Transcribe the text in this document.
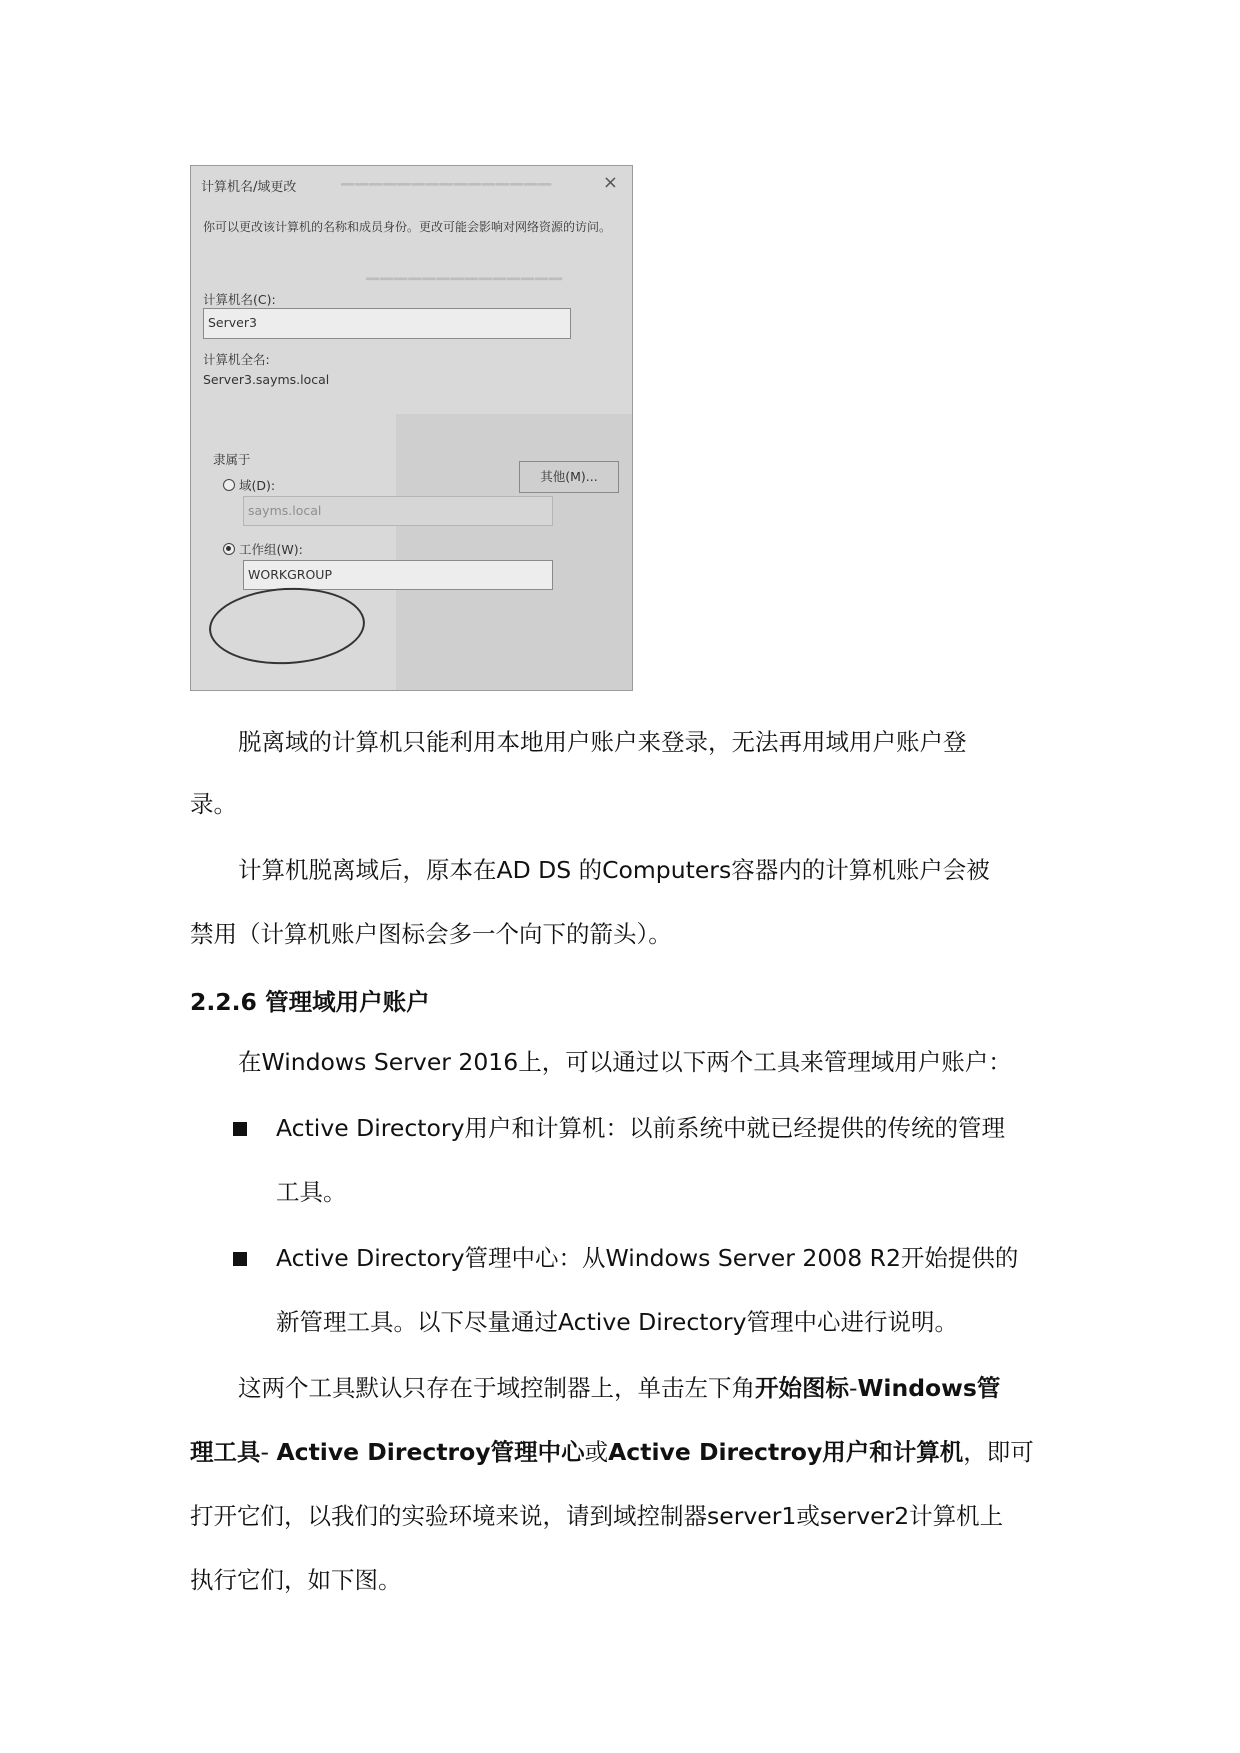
▔▔▔▔▔▔▔▔▔▔▔▔▔▔▔
▁▁▁▁▁▁▁▁▁▁▁▁▁▁
计算机名/域更改	×
你可以更改该计算机的名称和成员身份。更改可能会影响对网络资源的访问。
计算机名(C):
Server3
计算机全名:
Server3.sayms.local
其他(M)...
隶属于
域(D):
sayms.local
工作组(W):
WORKGROUP
脱离域的计算机只能利用本地用户账户来登录，无法再用域用户账户登
录。
计算机脱离域后，原本在AD DS 的Computers容器内的计算机账户会被
禁用（计算机账户图标会多一个向下的箭头）。
2.2.6 管理域用户账户
在Windows Server 2016上，可以通过以下两个工具来管理域用户账户：
Active Directory用户和计算机：以前系统中就已经提供的传统的管理
工具。
Active Directory管理中心：从Windows Server 2008 R2开始提供的
新管理工具。以下尽量通过Active Directory管理中心进行说明。
这两个工具默认只存在于域控制器上，单击左下角开始图标-Windows管
理工具- Active Directroy管理中心或Active Directroy用户和计算机，即可
打开它们，以我们的实验环境来说，请到域控制器server1或server2计算机上
执行它们，如下图。
